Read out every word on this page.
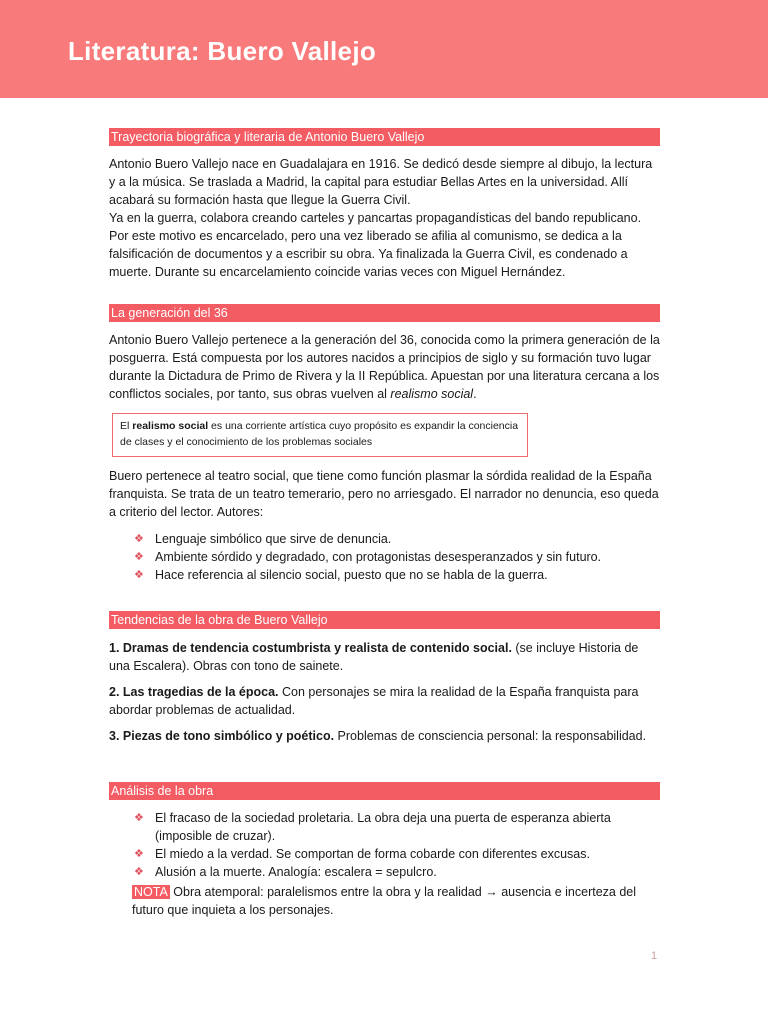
Literatura: Buero Vallejo
Trayectoria biográfica y literaria de Antonio Buero Vallejo

Antonio Buero Vallejo nace en Guadalajara en 1916. Se dedicó desde siempre al dibujo, la lectura y a la música. Se traslada a Madrid, la capital para estudiar Bellas Artes en la universidad. Allí acabará su formación hasta que llegue la Guerra Civil.

Ya en la guerra, colabora creando carteles y pancartas propagandísticas del bando republicano. Por este motivo es encarcelado, pero una vez liberado se afilia al comunismo, se dedica a la falsificación de documentos y a escribir su obra. Ya finalizada la Guerra Civil, es condenado a muerte. Durante su encarcelamiento coincide varias veces con Miguel Hernández.

La generación del 36

Antonio Buero Vallejo pertenece a la generación del 36, conocida como la primera generación de la posguerra. Está compuesta por los autores nacidos a principios de siglo y su formación tuvo lugar durante la Dictadura de Primo de Rivera y la II República. Apuestan por una literatura cercana a los conflictos sociales, por tanto, sus obras vuelven al realismo social.

El realismo social es una corriente artística cuyo propósito es expandir la conciencia de clases y el conocimiento de los problemas sociales

Buero pertenece al teatro social, que tiene como función plasmar la sórdida realidad de la España franquista. Se trata de un teatro temerario, pero no arriesgado. El narrador no denuncia, eso queda a criterio del lector. Autores:

❖ Lenguaje simbólico que sirve de denuncia.
❖ Ambiente sórdido y degradado, con protagonistas desesperanzados y sin futuro.
❖ Hace referencia al silencio social, puesto que no se habla de la guerra.
Tendencias de la obra de Buero Vallejo

1. Dramas de tendencia costumbrista y realista de contenido social. (se incluye Historia de una Escalera). Obras con tono de sainete.

2. Las tragedias de la época. Con personajes se mira la realidad de la España franquista para abordar problemas de actualidad.

3. Piezas de tono simbólico y poético. Problemas de consciencia personal: la responsabilidad.

Análisis de la obra
❖ El fracaso de la sociedad proletaria. La obra deja una puerta de esperanza abierta (imposible de cruzar).
❖ El miedo a la verdad. Se comportan de forma cobarde con diferentes excusas.
❖ Alusión a la muerte. Analogía: escalera = sepulcro.

NOTA Obra atemporal: paralelismos entre la obra y la realidad → ausencia e incerteza del futuro que inquieta a los personajes.

1
